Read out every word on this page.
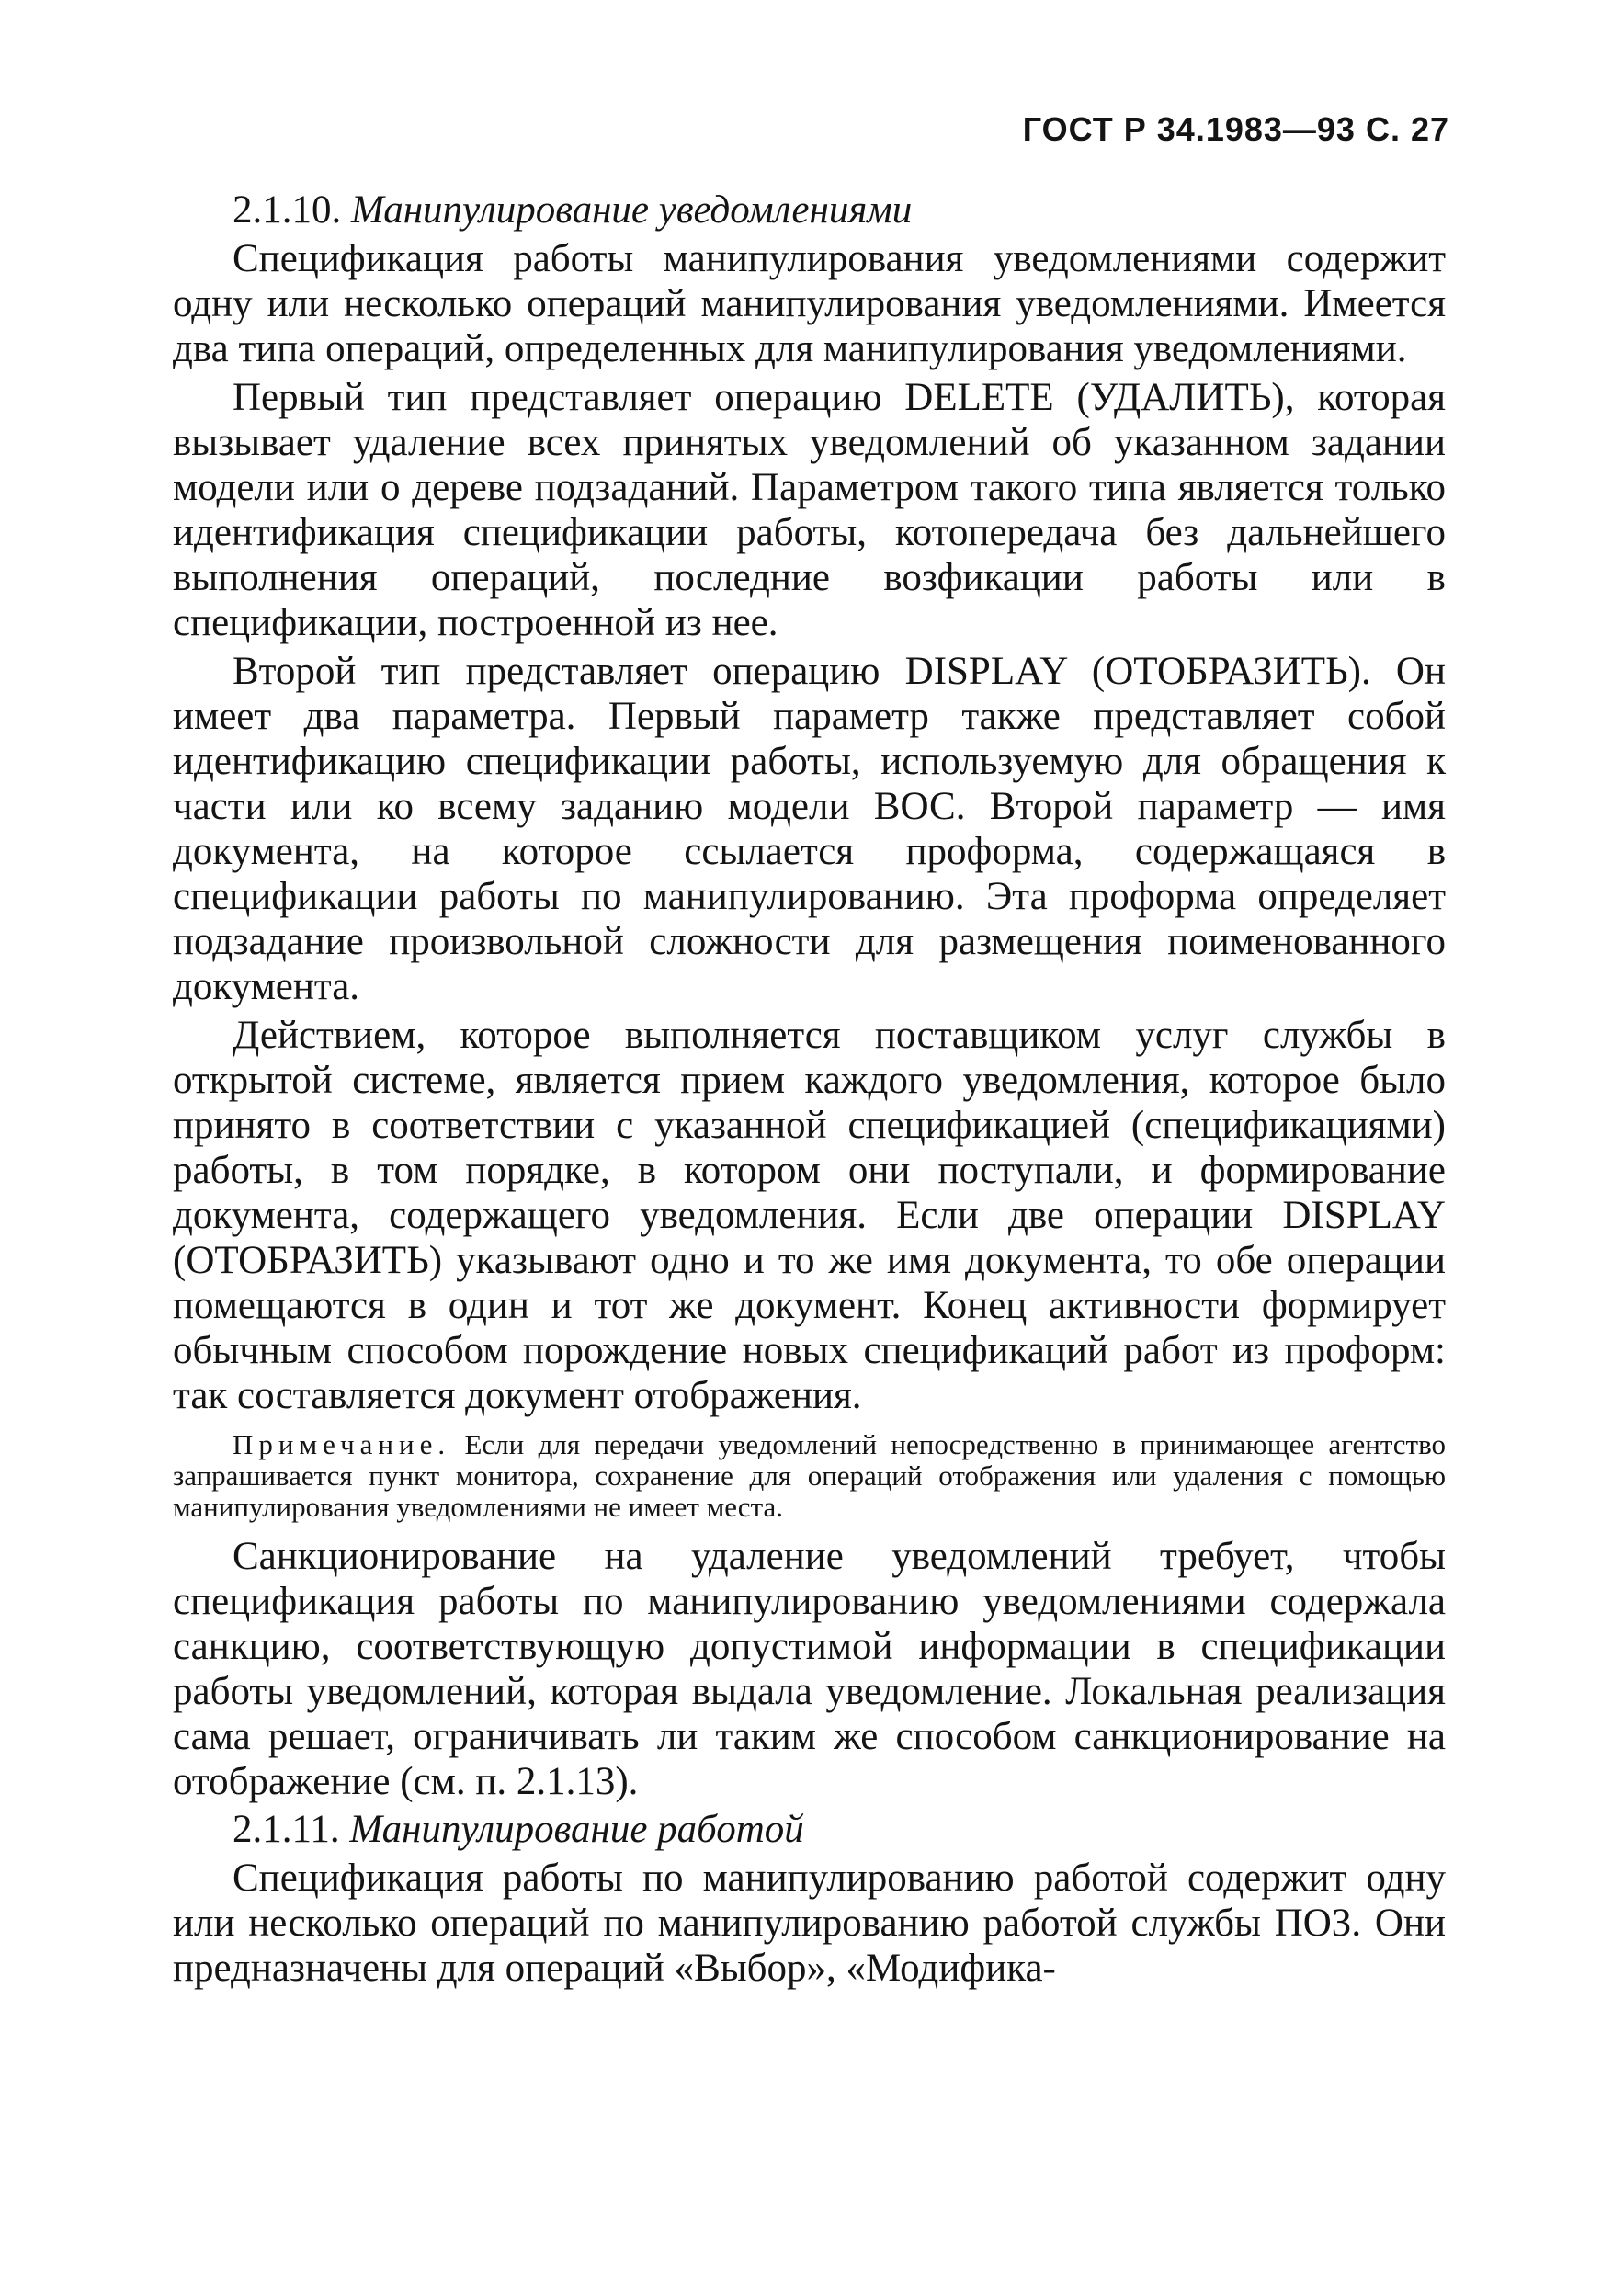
ГОСТ Р 34.1983—93 С. 27
2.1.10. Манипулирование уведомлениями

Спецификация работы манипулирования уведомлениями содержит одну или несколько операций манипулирования уведомлениями. Имеется два типа операций, определенных для манипулирования уведомлениями.

Первый тип представляет операцию DELETE (УДАЛИТЬ), которая вызывает удаление всех принятых уведомлений об указанном задании модели или о дереве подзаданий. Параметром такого типа является только идентификация спецификации работы, котопередача без дальнейшего выполнения операций, последние возфикации работы или в спецификации, построенной из нее.

Второй тип представляет операцию DISPLAY (ОТОБРАЗИТЬ). Он имеет два параметра. Первый параметр также представляет собой идентификацию спецификации работы, используемую для обращения к части или ко всему заданию модели ВОС. Второй параметр — имя документа, на которое ссылается проформа, содержащаяся в спецификации работы по манипулированию. Эта проформа определяет подзадание произвольной сложности для размещения поименованного документа.

Действием, которое выполняется поставщиком услуг службы в открытой системе, является прием каждого уведомления, которое было принято в соответствии с указанной спецификацией (спецификациями) работы, в том порядке, в котором они поступали, и формирование документа, содержащего уведомления. Если две операции DISPLAY (ОТОБРАЗИТЬ) указывают одно и то же имя документа, то обе операции помещаются в один и тот же документ. Конец активности формирует обычным способом порождение новых спецификаций работ из проформ: так составляется документ отображения.

Примечание. Если для передачи уведомлений непосредственно в принимающее агентство запрашивается пункт монитора, сохранение для операций отображения или удаления с помощью манипулирования уведомлениями не имеет места.

Санкционирование на удаление уведомлений требует, чтобы спецификация работы по манипулированию уведомлениями содержала санкцию, соответствующую допустимой информации в спецификации работы уведомлений, которая выдала уведомление. Локальная реализация сама решает, ограничивать ли таким же способом санкционирование на отображение (см. п. 2.1.13).

2.1.11. Манипулирование работой

Спецификация работы по манипулированию работой содержит одну или несколько операций по манипулированию работой службы ПОЗ. Они предназначены для операций «Выбор», «Модифика-
